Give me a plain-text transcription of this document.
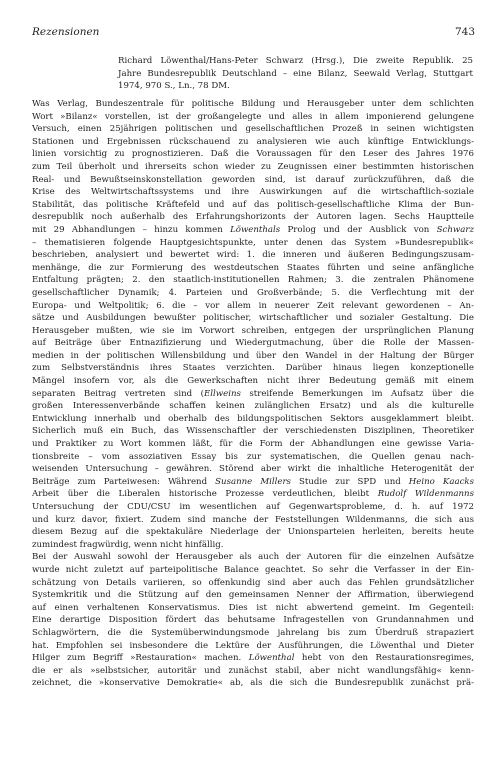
Rezensionen	743

Richard Löwenthal/Hans-Peter Schwarz (Hrsg.), Die zweite Republik. 25
Jahre Bundesrepublik Deutschland – eine Bilanz, Seewald Verlag, Stuttgart
1974, 970 S., Ln., 78 DM.

Was Verlag, Bundeszentrale für politische Bildung und Herausgeber unter dem schlichten
Wort »Bilanz« vorstellen, ist der großangelegte und alles in allem imponierend gelungene
Versuch, einen 25jährigen politischen und gesellschaftlichen Prozeß in seinen wichtigsten
Stationen und Ergebnissen rückschauend zu analysieren wie auch künftige Entwicklungs-
linien vorsichtig zu prognostizieren. Daß die Voraussagen für den Leser des Jahres 1976
zum Teil überholt und ihrerseits schon wieder zu Zeugnissen einer bestimmten historischen
Real- und Bewußtseinskonstellation geworden sind, ist darauf zurückzuführen, daß die
Krise des Weltwirtschaftssystems und ihre Auswirkungen auf die wirtschaftlich-soziale
Stabilität, das politische Kräftefeld und auf das politisch-gesellschaftliche Klima der Bun-
desrepublik noch außerhalb des Erfahrungshorizonts der Autoren lagen. Sechs Hauptteile
mit 29 Abhandlungen – hinzu kommen Löwenthals Prolog und der Ausblick von Schwarz
– thematisieren folgende Hauptgesichtspunkte, unter denen das System »Bundesrepublik«
beschrieben, analysiert und bewertet wird: 1. die inneren und äußeren Bedingungszusam-
menhänge, die zur Formierung des westdeutschen Staates führten und seine anfängliche
Entfaltung prägten; 2. den staatlich-institutionellen Rahmen; 3. die zentralen Phänomene
gesellschaftlicher Dynamik; 4. Parteien und Großverbände; 5. die Verflechtung mit der
Europa- und Weltpolitik; 6. die – vor allem in neuerer Zeit relevant gewordenen – An-
sätze und Ausbildungen bewußter politischer, wirtschaftlicher und sozialer Gestaltung. Die
Herausgeber mußten, wie sie im Vorwort schreiben, entgegen der ursprünglichen Planung
auf Beiträge über Entnazifizierung und Wiedergutmachung, über die Rolle der Massen-
medien in der politischen Willensbildung und über den Wandel in der Haltung der Bürger
zum Selbstverständnis ihres Staates verzichten. Darüber hinaus liegen konzeptionelle
Mängel insofern vor, als die Gewerkschaften nicht ihrer Bedeutung gemäß mit einem
separaten Beitrag vertreten sind (Ellweins streifende Bemerkungen im Aufsatz über die
großen Interessenverbände schaffen keinen zulänglichen Ersatz) und als die kulturelle
Entwicklung innerhalb und oberhalb des bildungspolitischen Sektors ausgeklammert bleibt.
Sicherlich muß ein Buch, das Wissenschaftler der verschiedensten Disziplinen, Theoretiker
und Praktiker zu Wort kommen läßt, für die Form der Abhandlungen eine gewisse Varia-
tionsbreite – vom assoziativen Essay bis zur systematischen, die Quellen genau nach-
weisenden Untersuchung – gewähren. Störend aber wirkt die inhaltliche Heterogenität der
Beiträge zum Parteiwesen: Während Susanne Millers Studie zur SPD und Heino Kaacks
Arbeit über die Liberalen historische Prozesse verdeutlichen, bleibt Rudolf Wildenmanns
Untersuchung der CDU/CSU im wesentlichen auf Gegenwartsprobleme, d. h. auf 1972
und kurz davor, fixiert. Zudem sind manche der Feststellungen Wildenmanns, die sich aus
diesem Bezug auf die spektakuläre Niederlage der Unionsparteien herleiten, bereits heute
zumindest fragwürdig, wenn nicht hinfällig.
Bei der Auswahl sowohl der Herausgeber als auch der Autoren für die einzelnen Aufsätze
wurde nicht zuletzt auf parteipolitische Balance geachtet. So sehr die Verfasser in der Ein-
schätzung von Details variieren, so offenkundig sind aber auch das Fehlen grundsätzlicher
Systemkritik und die Stützung auf den gemeinsamen Nenner der Affirmation, überwiegend
auf einen verhaltenen Konservatismus. Dies ist nicht abwertend gemeint. Im Gegenteil:
Eine derartige Disposition fördert das behutsame Infragestellen von Grundannahmen und
Schlagwörtern, die die Systemüberwindungsmode jahrelang bis zum Überdruß strapaziert
hat. Empfohlen sei insbesondere die Lektüre der Ausführungen, die Löwenthal und Dieter
Hilger zum Begriff »Restauration« machen. Löwenthal hebt von den Restaurationsregimes,
die er als »selbstsicher, autoritär und zunächst stabil, aber nicht wandlungsfähig« kenn-
zeichnet, die »konservative Demokratie« ab, als die sich die Bundesrepublik zunächst prä-
